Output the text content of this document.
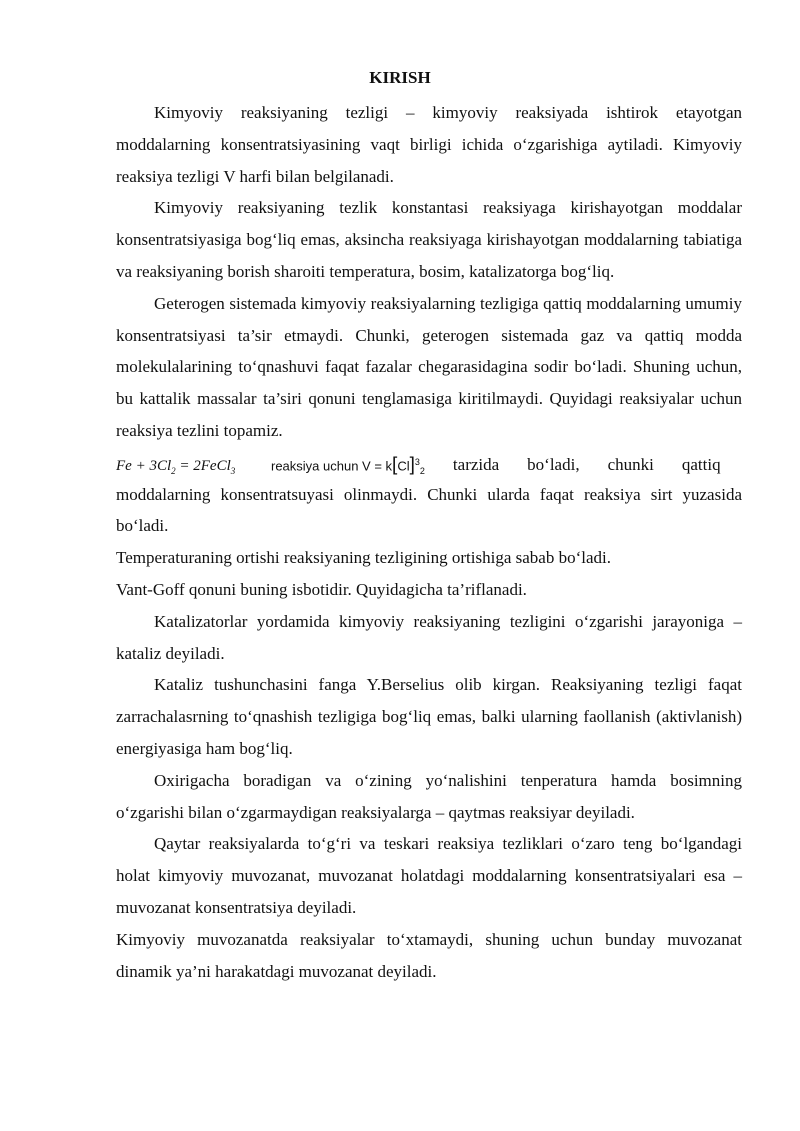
KIRISH

Kimyoviy reaksiyaning tezligi – kimyoviy reaksiyada ishtirok etayotgan moddalarning konsentratsiyasining vaqt birligi ichida o‘zgarishiga aytiladi. Kimyoviy reaksiya tezligi V harfi bilan belgilanadi.

Kimyoviy reaksiyaning tezlik konstantasi reaksiyaga kirishayotgan moddalar konsentratsiyasiga bog‘liq emas, aksincha reaksiyaga kirishayotgan moddalarning tabiatiga va reaksiyaning borish sharoiti temperatura, bosim, katalizatorga bog‘liq.

Geterogen sistemada kimyoviy reaksiyalarning tezligiga qattiq moddalarning umumiy konsentratsiyasi ta’sir etmaydi. Chunki, geterogen sistemada gaz va qattiq modda molekulalarining to‘qnashuvi faqat fazalar chegarasidagina sodir bo‘ladi. Shuning uchun, bu kattalik massalar ta’siri qonuni tenglamasiga kiritilmaydi. Quyidagi reaksiyalar uchun reaksiya tezlini topamiz.

$Fe + 3Cl_2$ = 2FeCl$_3$	reaksiya uchun $V = k[Cl]^3_2$ tarzida bo‘ladi, chunki qattiq

moddalarning konsentratsuyasi olinmaydi. Chunki ularda faqat reaksiya sirt yuzasida bo‘ladi.

Temperaturaning ortishi reaksiyaning tezligining ortishiga sabab bo‘ladi.

Vant-Goff qonuni buning isbotidir. Quyidagicha ta’riflanadi.

Katalizatorlar yordamida kimyoviy reaksiyaning tezligini o‘zgarishi jarayoniga – kataliz deyiladi.

Kataliz tushunchasini fanga Y.Berselius olib kirgan. Reaksiyaning tezligi faqat zarrachalasrning to‘qnashish tezligiga bog‘liq emas, balki ularning faollanish (aktivlanish) energiyasiga ham bog‘liq.

Oxirigacha boradigan va o‘zining yo‘nalishini tenperatura hamda bosimning o‘zgarishi bilan o‘zgarmaydigan reaksiyalarga – qaytmas reaksiyar deyiladi.

Qaytar reaksiyalarda to‘g‘ri va teskari reaksiya tezliklari o‘zaro teng bo‘lgandagi holat kimyoviy muvozanat, muvozanat holatdagi moddalarning konsentratsiyalari esa – muvozanat konsentratsiya deyiladi.

Kimyoviy muvozanatda reaksiyalar to‘xtamaydi, shuning uchun bunday muvozanat dinamik ya’ni harakatdagi muvozanat deyiladi.
